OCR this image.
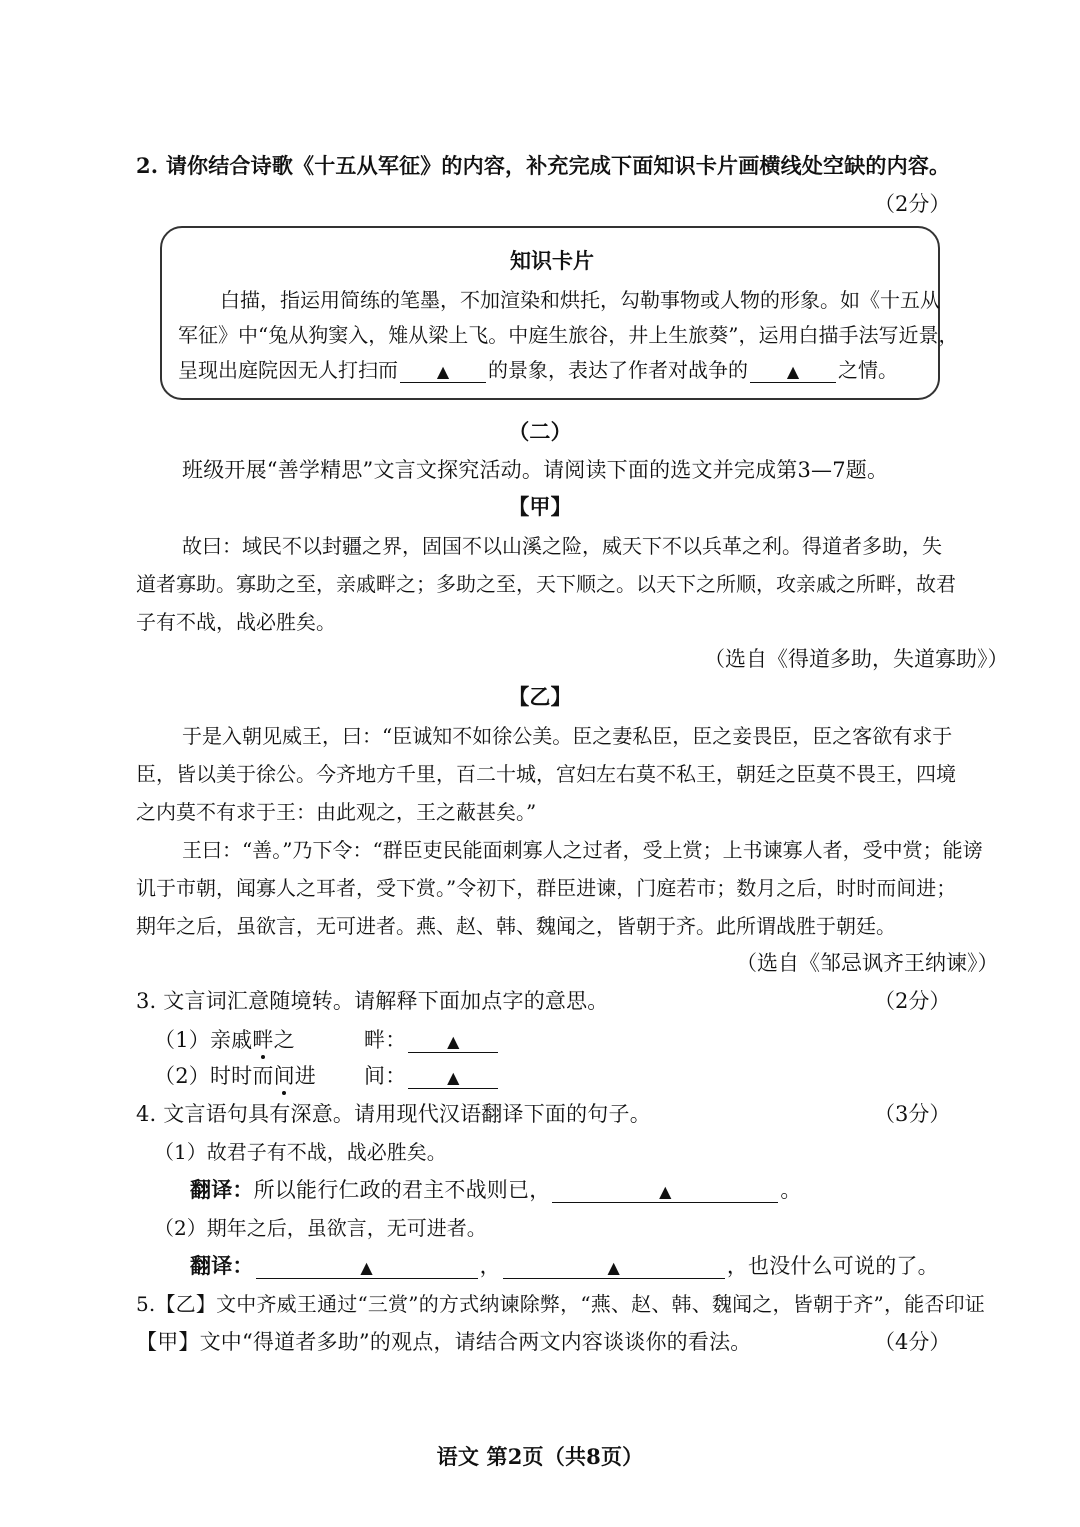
2. 请你结合诗歌《十五从军征》的内容，补充完成下面知识卡片画横线处空缺的内容。
（2分）
知识卡片
白描，指运用简练的笔墨，不加渲染和烘托，勾勒事物或人物的形象。如《十五从
军征》中“兔从狗窦入，雉从梁上飞。中庭生旅谷，井上生旅葵”，运用白描手法写近景，
呈现出庭院因无人打扫而 ▲ 的景象，表达了作者对战争的 ▲ 之情。
（二）
班级开展“善学精思”文言文探究活动。请阅读下面的选文并完成第3—7题。
【甲】
故曰：域民不以封疆之界，固国不以山溪之险，威天下不以兵革之利。得道者多助，失
道者寡助。寡助之至，亲戚畔之；多助之至，天下顺之。以天下之所顺，攻亲戚之所畔，故君
子有不战，战必胜矣。
（选自《得道多助，失道寡助》）
【乙】
于是入朝见威王，曰：“臣诚知不如徐公美。臣之妻私臣，臣之妾畏臣，臣之客欲有求于
臣，皆以美于徐公。今齐地方千里，百二十城，宫妇左右莫不私王，朝廷之臣莫不畏王，四境
之内莫不有求于王：由此观之，王之蔽甚矣。”
王曰：“善。”乃下令：“群臣吏民能面刺寡人之过者，受上赏；上书谏寡人者，受中赏；能谤
讥于市朝，闻寡人之耳者，受下赏。”令初下，群臣进谏，门庭若市；数月之后，时时而间进；
期年之后，虽欲言，无可进者。燕、赵、韩、魏闻之，皆朝于齐。此所谓战胜于朝廷。
（选自《邹忌讽齐王纳谏》）
3. 文言词汇意随境转。请解释下面加点字的意思。	（2分）
（1）亲戚畔之	畔：	▲
（2）时时而间进 间：	▲
4. 文言语句具有深意。请用现代汉语翻译下面的句子。	（3分）
（1）故君子有不战，战必胜矣。
翻译：所以能行仁政的君主不战则已，	▲	。
（2）期年之后，虽欲言，无可进者。
翻译：	▲	，	▲	，也没什么可说的了。
5.【乙】文中齐威王通过“三赏”的方式纳谏除弊，“燕、赵、韩、魏闻之，皆朝于齐”，能否印证
【甲】文中“得道者多助”的观点，请结合两文内容谈谈你的看法。	（4分）
语文 第2页（共8页）
